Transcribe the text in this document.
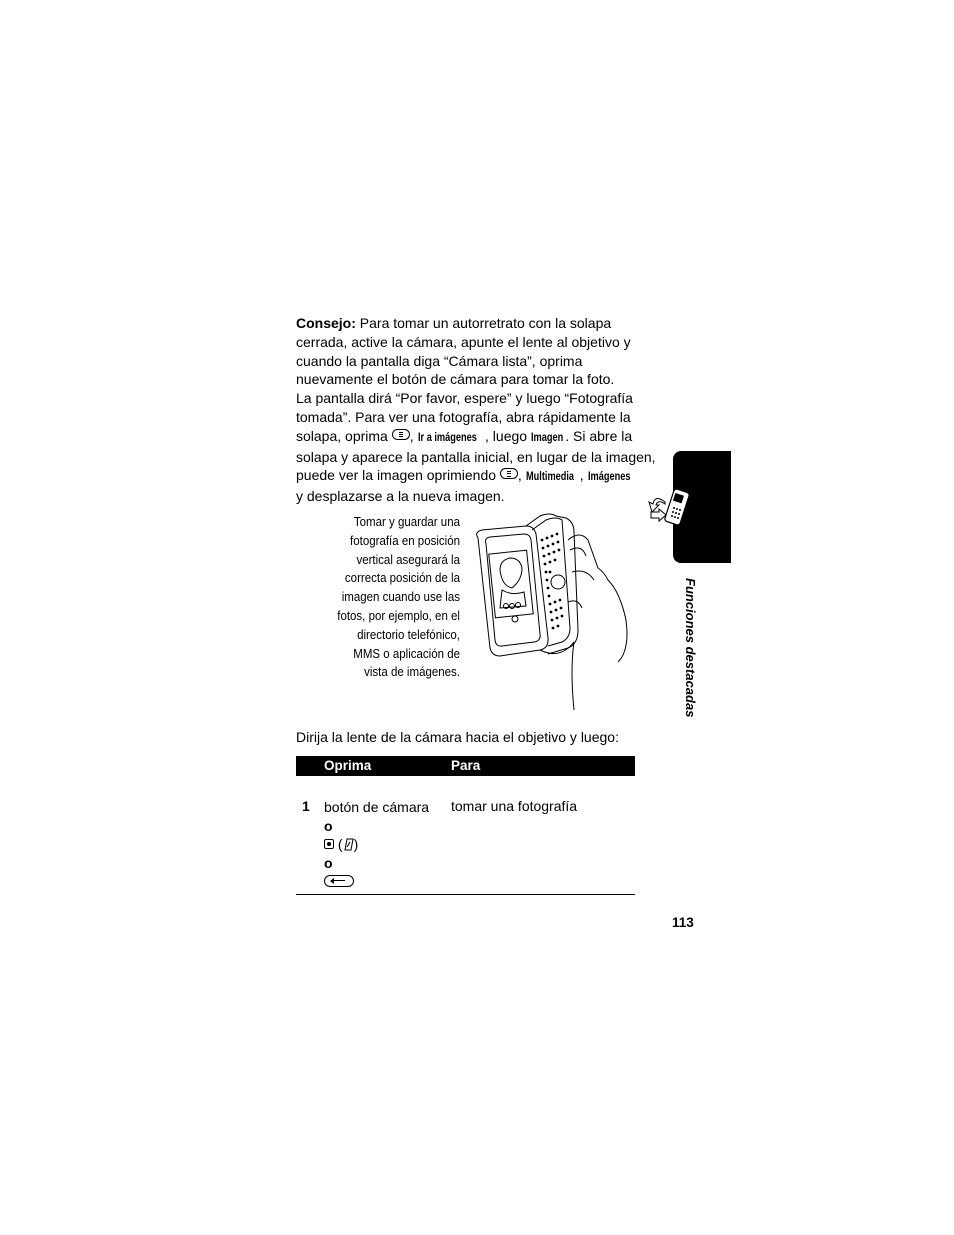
Consejo: Para tomar un autorretrato con la solapa cerrada, active la cámara, apunte el lente al objetivo y cuando la pantalla diga “Cámara lista”, oprima nuevamente el botón de cámara para tomar la foto.
La pantalla dirá “Por favor, espere” y luego “Fotografía tomada”. Para ver una fotografía, abra rápidamente la solapa, oprima , Ir a imágenes , luego Imagen . Si abre la solapa y aparece la pantalla inicial, en lugar de la imagen, puede ver la imagen oprimiendo , Multimedia , Imágenes
y desplazarse a la nueva imagen.
Tomar y guardar una fotografía en posición vertical asegurará la correcta posición de la imagen cuando use las fotos, por ejemplo, en el directorio telefónico, MMS o aplicación de vista de imágenes.
Dirija la lente de la cámara hacia el objetivo y luego:
Oprima	Para
1 botón de cámara
o
( )
o
tomar una fotografía
Funciones destacadas
113
